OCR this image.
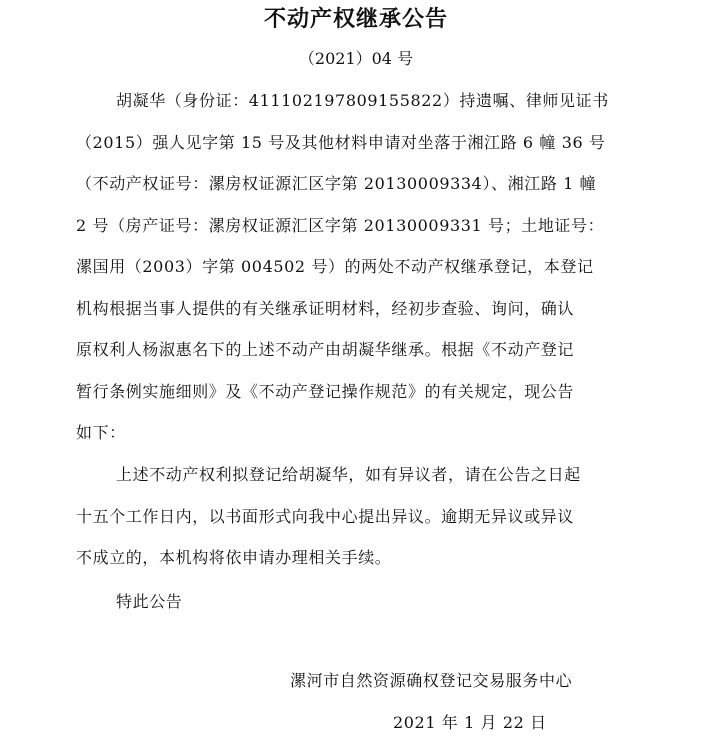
不动产权继承公告
（2021）04 号
胡凝华（身份证：411102197809155822）持遗嘱、律师见证书
（2015）强人见字第 15 号及其他材料申请对坐落于湘江路 6 幢 36 号
（不动产权证号：漯房权证源汇区字第 20130009334）、湘江路 1 幢
2 号（房产证号：漯房权证源汇区字第 20130009331 号；土地证号：
漯国用（2003）字第 004502 号）的两处不动产权继承登记，本登记
机构根据当事人提供的有关继承证明材料，经初步查验、询问，确认
原权利人杨淑惠名下的上述不动产由胡凝华继承。根据《不动产登记
暂行条例实施细则》及《不动产登记操作规范》的有关规定，现公告
如下：
上述不动产权利拟登记给胡凝华，如有异议者，请在公告之日起
十五个工作日内，以书面形式向我中心提出异议。逾期无异议或异议
不成立的，本机构将依申请办理相关手续。
特此公告
漯河市自然资源确权登记交易服务中心
2021 年 1 月 22 日
